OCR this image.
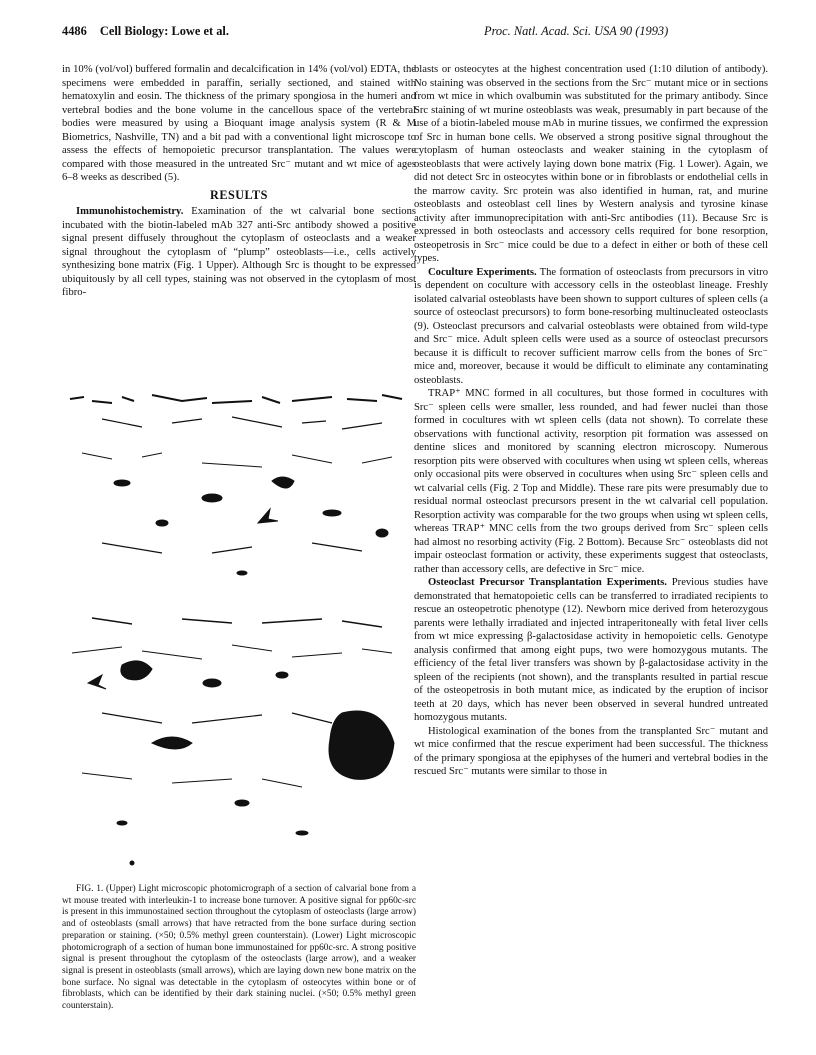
4486 Cell Biology: Lowe et al.	Proc. Natl. Acad. Sci. USA 90 (1993)

in 10% (vol/vol) buffered formalin and decalcification in 14% (vol/vol) EDTA, the specimens were embedded in paraffin, serially sectioned, and stained with hematoxylin and eosin. The thickness of the primary spongiosa in the humeri and vertebral bodies and the bone volume in the cancellous space of the vertebral bodies were measured by using a Bioquant image analysis system (R & M Biometrics, Nashville, TN) and a bit pad with a conventional light microscope to assess the effects of hemopoietic precursor transplantation. The values were compared with those measured in the untreated Src⁻ mutant and wt mice of ages 6–8 weeks as described (5).

RESULTS

Immunohistochemistry. Examination of the wt calvarial bone sections incubated with the biotin-labeled mAb 327 anti-Src antibody showed a positive signal present diffusely throughout the cytoplasm of osteoclasts and a weaker signal throughout the cytoplasm of “plump” osteoblasts—i.e., cells actively synthesizing bone matrix (Fig. 1 Upper). Although Src is thought to be expressed ubiquitously by all cell types, staining was not observed in the cytoplasm of most fibro-

FIG. 1. (Upper) Light microscopic photomicrograph of a section of calvarial bone from a wt mouse treated with interleukin-1 to increase bone turnover. A positive signal for pp60c-src is present in this immunostained section throughout the cytoplasm of osteoclasts (large arrow) and of osteoblasts (small arrows) that have retracted from the bone surface during section preparation or staining. (×50; 0.5% methyl green counterstain). (Lower) Light microscopic photomicrograph of a section of human bone immunostained for pp60c-src. A strong positive signal is present throughout the cytoplasm of the osteoclasts (large arrow), and a weaker signal is present in osteoblasts (small arrows), which are laying down new bone matrix on the bone surface. No signal was detectable in the cytoplasm of osteocytes within bone or of fibroblasts, which can be identified by their dark staining nuclei. (×50; 0.5% methyl green counterstain).

blasts or osteocytes at the highest concentration used (1:10 dilution of antibody). No staining was observed in the sections from the Src⁻ mutant mice or in sections from wt mice in which ovalbumin was substituted for the primary antibody. Since Src staining of wt murine osteoblasts was weak, presumably in part because of the use of a biotin-labeled mouse mAb in murine tissues, we confirmed the expression of Src in human bone cells. We observed a strong positive signal throughout the cytoplasm of human osteoclasts and weaker staining in the cytoplasm of osteoblasts that were actively laying down bone matrix (Fig. 1 Lower). Again, we did not detect Src in osteocytes within bone or in fibroblasts or endothelial cells in the marrow cavity. Src protein was also identified in human, rat, and murine osteoblasts and osteoblast cell lines by Western analysis and tyrosine kinase activity after immunoprecipitation with anti-Src antibodies (11). Because Src is expressed in both osteoclasts and accessory cells required for bone resorption, osteopetrosis in Src⁻ mice could be due to a defect in either or both of these cell types.

Coculture Experiments. The formation of osteoclasts from precursors in vitro is dependent on coculture with accessory cells in the osteoblast lineage. Freshly isolated calvarial osteoblasts have been shown to support cultures of spleen cells (a source of osteoclast precursors) to form bone-resorbing multinucleated osteoclasts (9). Osteoclast precursors and calvarial osteoblasts were obtained from wild-type and Src⁻ mice. Adult spleen cells were used as a source of osteoclast precursors because it is difficult to recover sufficient marrow cells from the bones of Src⁻ mice and, moreover, because it would be difficult to eliminate any contaminating osteoblasts.

TRAP⁺ MNC formed in all cocultures, but those formed in cocultures with Src⁻ spleen cells were smaller, less rounded, and had fewer nuclei than those formed in cocultures with wt spleen cells (data not shown). To correlate these observations with functional activity, resorption pit formation was assessed on dentine slices and monitored by scanning electron microscopy. Numerous resorption pits were observed with cocultures when using wt spleen cells, whereas only occasional pits were observed in cocultures when using Src⁻ spleen cells and wt calvarial cells (Fig. 2 Top and Middle). These rare pits were presumably due to residual normal osteoclast precursors present in the wt calvarial cell population. Resorption activity was comparable for the two groups when using wt spleen cells, whereas TRAP⁺ MNC cells from the two groups derived from Src⁻ spleen cells had almost no resorbing activity (Fig. 2 Bottom). Because Src⁻ osteoblasts did not impair osteoclast formation or activity, these experiments suggest that osteoclasts, rather than accessory cells, are defective in Src⁻ mice.

Osteoclast Precursor Transplantation Experiments. Previous studies have demonstrated that hematopoietic cells can be transferred to irradiated recipients to rescue an osteopetrotic phenotype (12). Newborn mice derived from heterozygous parents were lethally irradiated and injected intraperitoneally with fetal liver cells from wt mice expressing β-galactosidase activity in hemopoietic cells. Genotype analysis confirmed that among eight pups, two were homozygous mutants. The efficiency of the fetal liver transfers was shown by β-galactosidase activity in the spleen of the recipients (not shown), and the transplants resulted in partial rescue of the osteopetrosis in both mutant mice, as indicated by the eruption of incisor teeth at 20 days, which has never been observed in several hundred untreated homozygous mutants.

Histological examination of the bones from the transplanted Src⁻ mutant and wt mice confirmed that the rescue experiment had been successful. The thickness of the primary spongiosa at the epiphyses of the humeri and vertebral bodies in the rescued Src⁻ mutants were similar to those in
